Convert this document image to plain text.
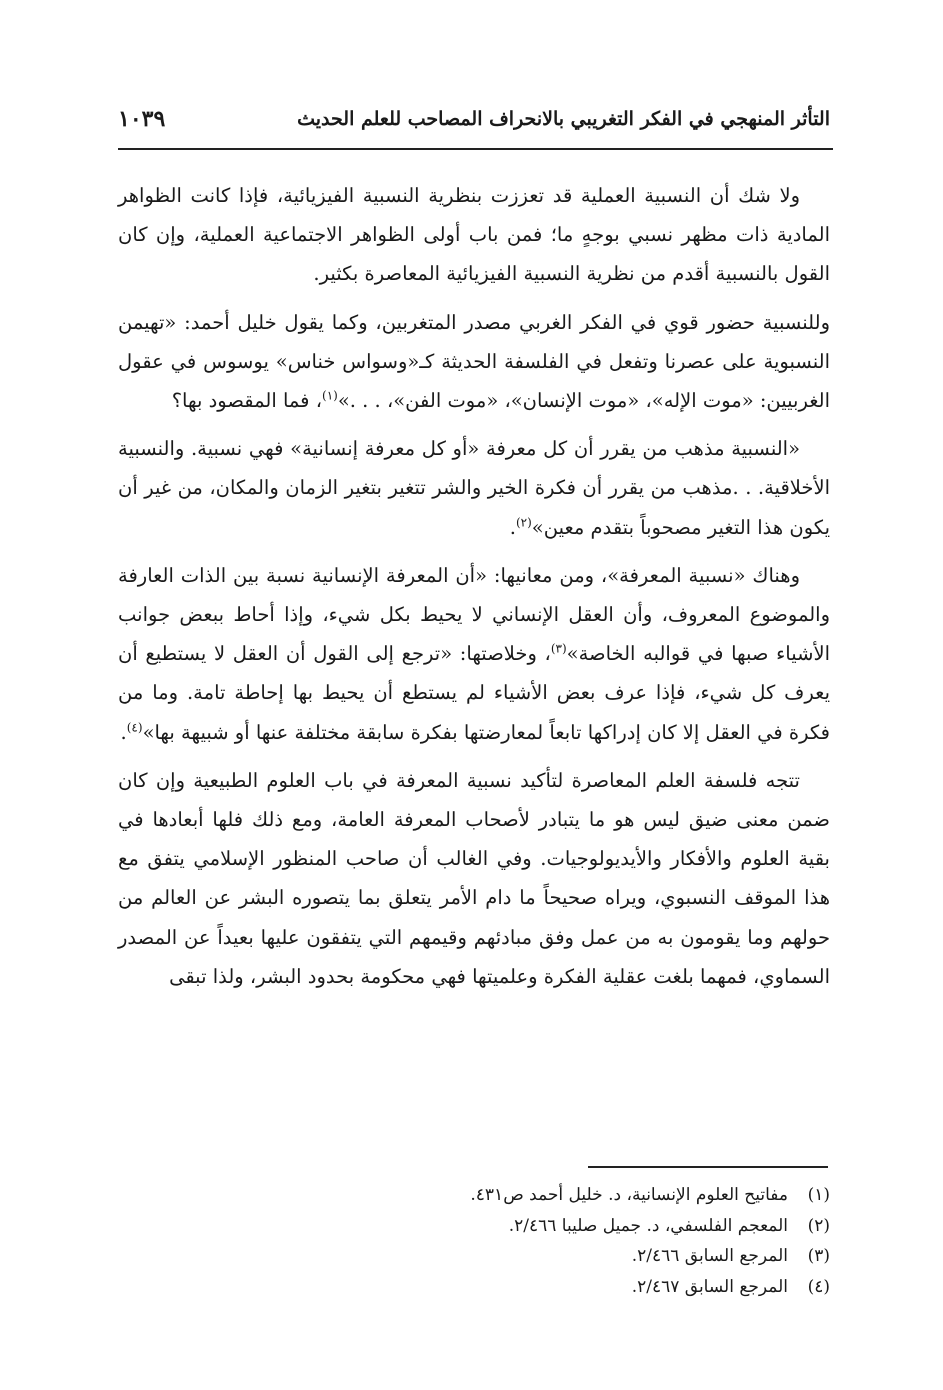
التأثر المنهجي في الفكر التغريبي بالانحراف المصاحب للعلم الحديث
١٠٣٩

ولا شك أن النسبية العملية قد تعززت بنظرية النسبية الفيزيائية، فإذا كانت الظواهر المادية ذات مظهر نسبي بوجهٍ ما؛ فمن باب أولى الظواهر الاجتماعية العملية، وإن كان القول بالنسبية أقدم من نظرية النسبية الفيزيائية المعاصرة بكثير.

وللنسبية حضور قوي في الفكر الغربي مصدر المتغربين، وكما يقول خليل أحمد: «تهيمن النسبوية على عصرنا وتفعل في الفلسفة الحديثة كـ«وسواس خناس» يوسوس في عقول الغربيين: «موت الإله»، «موت الإنسان»، «موت الفن»، . . .»$^{(١)}$، فما المقصود بها؟

«النسبية مذهب من يقرر أن كل معرفة «أو كل معرفة إنسانية» فهي نسبية. والنسبية الأخلاقية. . .مذهب من يقرر أن فكرة الخير والشر تتغير بتغير الزمان والمكان، من غير أن يكون هذا التغير مصحوباً بتقدم معين»$^{(٢)}$.

وهناك «نسبية المعرفة»، ومن معانيها: «أن المعرفة الإنسانية نسبة بين الذات العارفة والموضوع المعروف، وأن العقل الإنساني لا يحيط بكل شيء، وإذا أحاط ببعض جوانب الأشياء صبها في قوالبه الخاصة»$^{(٣)}$، وخلاصتها: «ترجع إلى القول أن العقل لا يستطيع أن يعرف كل شيء، فإذا عرف بعض الأشياء لم يستطع أن يحيط بها إحاطة تامة. وما من فكرة في العقل إلا كان إدراكها تابعاً لمعارضتها بفكرة سابقة مختلفة عنها أو شبيهة بها»$^{(٤)}$.

تتجه فلسفة العلم المعاصرة لتأكيد نسبية المعرفة في باب العلوم الطبيعية وإن كان ضمن معنى ضيق ليس هو ما يتبادر لأصحاب المعرفة العامة، ومع ذلك فلها أبعادها في بقية العلوم والأفكار والأيديولوجيات. وفي الغالب أن صاحب المنظور الإسلامي يتفق مع هذا الموقف النسبوي، ويراه صحيحاً ما دام الأمر يتعلق بما يتصوره البشر عن العالم من حولهم وما يقومون به من عمل وفق مبادئهم وقيمهم التي يتفقون عليها بعيداً عن المصدر السماوي، فمهما بلغت عقلية الفكرة وعلميتها فهي محكومة بحدود البشر، ولذا تبقى

(١)
مفاتيح العلوم الإنسانية، د. خليل أحمد ص٤٣١.
(٢)
المعجم الفلسفي، د. جميل صليبا ٢/٤٦٦.
(٣)
المرجع السابق ٢/٤٦٦.
(٤)
المرجع السابق ٢/٤٦٧.
